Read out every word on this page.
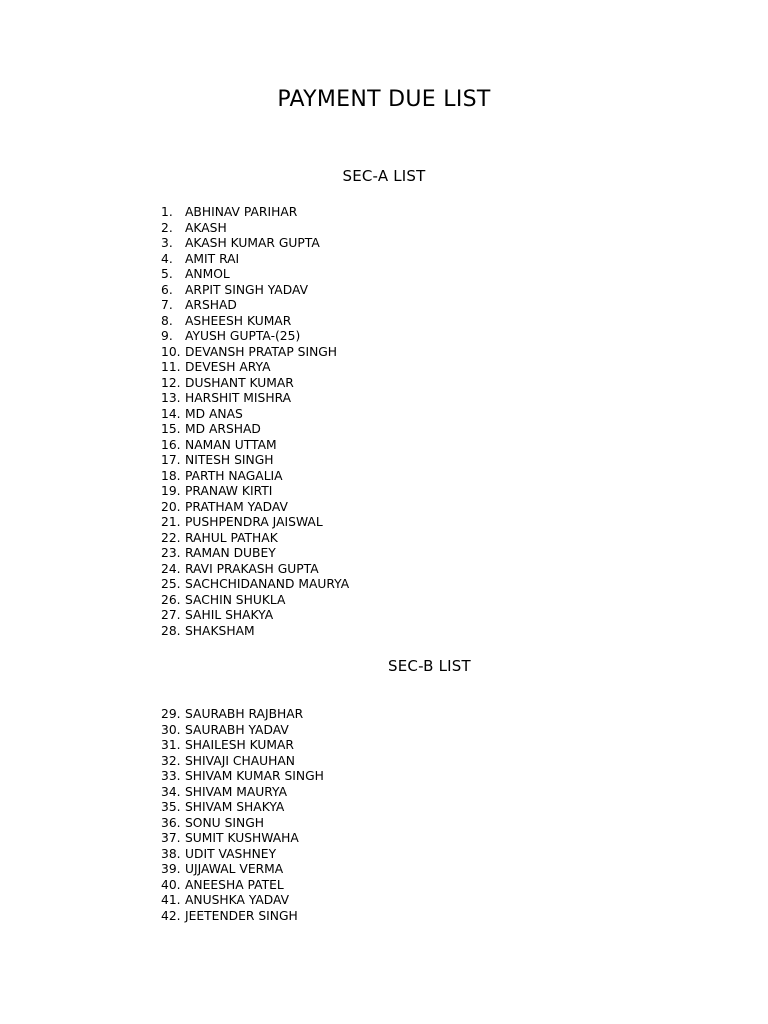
PAYMENT DUE LIST
SEC-A LIST
1. ABHINAV PARIHAR
2. AKASH
3. AKASH KUMAR GUPTA
4. AMIT RAI
5. ANMOL
6. ARPIT SINGH YADAV
7. ARSHAD
8. ASHEESH KUMAR
9. AYUSH GUPTA-(25)
10. DEVANSH PRATAP SINGH
11. DEVESH ARYA
12. DUSHANT KUMAR
13. HARSHIT MISHRA
14. MD ANAS
15. MD ARSHAD
16. NAMAN UTTAM
17. NITESH SINGH
18. PARTH NAGALIA
19. PRANAW KIRTI
20. PRATHAM YADAV
21. PUSHPENDRA JAISWAL
22. RAHUL PATHAK
23. RAMAN DUBEY
24. RAVI PRAKASH GUPTA
25. SACHCHIDANAND MAURYA
26. SACHIN SHUKLA
27. SAHIL SHAKYA
28. SHAKSHAM
SEC-B LIST
29. SAURABH RAJBHAR
30. SAURABH YADAV
31. SHAILESH KUMAR
32. SHIVAJI CHAUHAN
33. SHIVAM KUMAR SINGH
34. SHIVAM MAURYA
35. SHIVAM SHAKYA
36. SONU SINGH
37. SUMIT KUSHWAHA
38. UDIT VASHNEY
39. UJJAWAL VERMA
40. ANEESHA PATEL
41. ANUSHKA YADAV
42. JEETENDER SINGH
